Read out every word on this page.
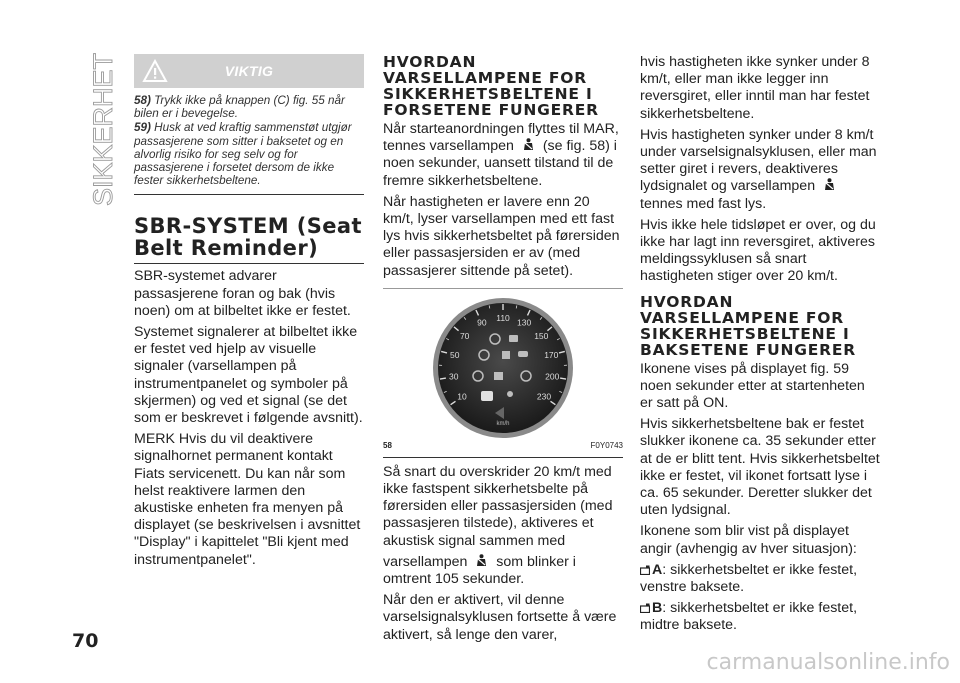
SIKKERHET	VIKTIG

58) Trykk ikke på knappen (C) fig. 55 når bilen er i bevegelse.

59) Husk at ved kraftig sammenstøt utgjør passasjerene som sitter i baksetet og en alvorlig risiko for seg selv og for passasjerene i forsetet dersom de ikke fester sikkerhetsbeltene.

SBR-SYSTEM (Seat Belt Reminder)

SBR-systemet advarer passasjerene foran og bak (hvis noen) om at bilbeltet ikke er festet.

Systemet signalerer at bilbeltet ikke er festet ved hjelp av visuelle signaler (varsellampen på instrumentpanelet og symboler på skjermen) og ved et signal (se det som er beskrevet i følgende avsnitt).

MERK Hvis du vil deaktivere signalhornet permanent kontakt Fiats servicenett. Du kan når som helst reaktivere larmen den akustiske enheten fra menyen på displayet (se beskrivelsen i avsnittet "Display" i kapittelet "Bli kjent med instrumentpanelet".

HVORDAN VARSELLAMPENE FOR SIKKERHETSBELTENE I FORSETENE FUNGERER

Når starteanordningen flyttes til MAR,
tennes varsellampen (se fig. 58) i noen sekunder, uansett tilstand til de fremre sikkerhetsbeltene.

Når hastigheten er lavere enn 20 km/t, lyser varsellampen med ett fast lys hvis sikkerhetsbeltet på førersiden eller passasjersiden er av (med passasjerer sittende på setet).

10
30
50
70
90 110 130
150
170
200
230
km/h
58	F0Y0743

Så snart du overskrider 20 km/t med ikke fastspent sikkerhetsbelte på førersiden eller passasjersiden (med passasjeren tilstede), aktiveres et akustisk signal sammen med

varsellampen som blinker i omtrent 105 sekunder.

Når den er aktivert, vil denne varselsignalsyklusen fortsette å være aktivert, så lenge den varer,

hvis hastigheten ikke synker under 8 km/t, eller man ikke legger inn reversgiret, eller inntil man har festet sikkerhetsbeltene.

Hvis hastigheten synker under 8 km/t under varselsignalsyklusen, eller man setter giret i revers, deaktiveres
lydsignalet og varsellampen  tennes med fast lys.

Hvis ikke hele tidsløpet er over, og du ikke har lagt inn reversgiret, aktiveres meldingssyklusen så snart hastigheten stiger over 20 km/t.

HVORDAN VARSELLAMPENE FOR SIKKERHETSBELTENE I BAKSETENE FUNGERER

Ikonene vises på displayet fig. 59 noen sekunder etter at startenheten er satt på ON.

Hvis sikkerhetsbeltene bak er festet slukker ikonene ca. 35 sekunder etter at de er blitt tent. Hvis sikkerhetsbeltet ikke er festet, vil ikonet fortsatt lyse i ca. 65 sekunder. Deretter slukker det uten lydsignal.

Ikonene som blir vist på displayet angir (avhengig av hver situasjon):

A: sikkerhetsbeltet er ikke festet, venstre baksete.

B: sikkerhetsbeltet er ikke festet, midtre baksete.

70
carmanualsonline.info
